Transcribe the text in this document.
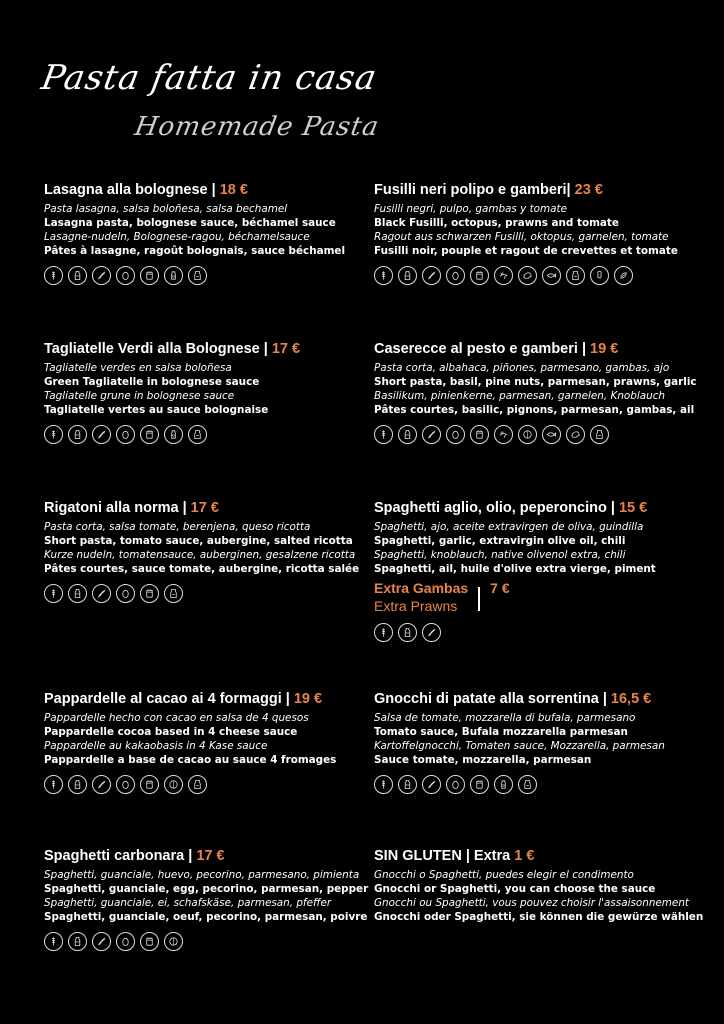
Pasta fatta in casa
Homemade Pasta
Lasagna alla bolognese | 18 €
Pasta lasagna, salsa boloñesa, salsa bechamel
Lasagna pasta, bolognese sauce, béchamel sauce
Lasagne-nudeln, Bolognese-ragou, béchamelsauce
Pâtes à lasagne, ragoût bolognais, sauce béchamel
Fusilli neri polipo e gamberi| 23 €
Fusilli negri, pulpo, gambas y tomate
Black Fusilli, octopus, prawns and tomate
Ragout aus schwarzen Fusilli, oktopus, garnelen, tomate
Fusilli noir, pouple et ragout de crevettes et tomate
Tagliatelle Verdi alla Bolognese | 17 €
Tagliatelle verdes en salsa boloñesa
Green Tagliatelle in bolognese sauce
Tagliatelle grune in bolognese sauce
Tagliatelle vertes au sauce bolognaise
Caserecce al pesto e gamberi | 19 €
Pasta corta, albahaca, piñones, parmesano, gambas, ajo
Short pasta, basil, pine nuts, parmesan, prawns, garlic
Basilikum, pinienkerne, parmesan, garnelen, Knoblauch
Pâtes courtes, basilic, pignons, parmesan, gambas, ail
Rigatoni alla norma | 17 €
Pasta corta, salsa tomate, berenjena, queso ricotta
Short pasta, tomato sauce, aubergine, salted ricotta
Kurze nudeln, tomatensauce, auberginen, gesalzene ricotta
Pâtes courtes, sauce tomate, aubergine, ricotta salée
Spaghetti aglio, olio, peperoncino | 15 €
Spaghetti, ajo, aceite extravirgen de oliva, guindilla
Spaghetti, garlic, extravirgin olive oil, chili
Spaghetti, knoblauch, native olivenol extra, chili
Spaghetti, ail, huile d'olive extra vierge, piment
Extra Gambas
Extra Prawns
7 €
Pappardelle al cacao ai 4 formaggi | 19 €
Pappardelle hecho con cacao en salsa de 4 quesos
Pappardelle cocoa based in 4 cheese sauce
Pappardelle au kakaobasis in 4 Kase sauce
Pappardelle a base de cacao au sauce 4 fromages
Gnocchi di patate alla sorrentina | 16,5 €
Salsa de tomate, mozzarella di bufala, parmesano
Tomato sauce, Bufala mozzarella parmesan
Kartoffelgnocchi, Tomaten sauce, Mozzarella, parmesan
Sauce tomate, mozzarella, parmesan
Spaghetti carbonara | 17 €
Spaghetti, guanciale, huevo, pecorino, parmesano, pimienta
Spaghetti, guanciale, egg, pecorino, parmesan, pepper
Spaghetti, guanciale, ei, schafskäse, parmesan, pfeffer
Spaghetti, guanciale, oeuf, pecorino, parmesan, poivre
SIN GLUTEN | Extra 1 €
Gnocchi o Spaghetti, puedes elegir el condimento
Gnocchi or Spaghetti, you can choose the sauce
Gnocchi ou Spaghetti, vous pouvez choisir l'assaisonnement
Gnocchi oder Spaghetti, sie können die gewürze wählen
